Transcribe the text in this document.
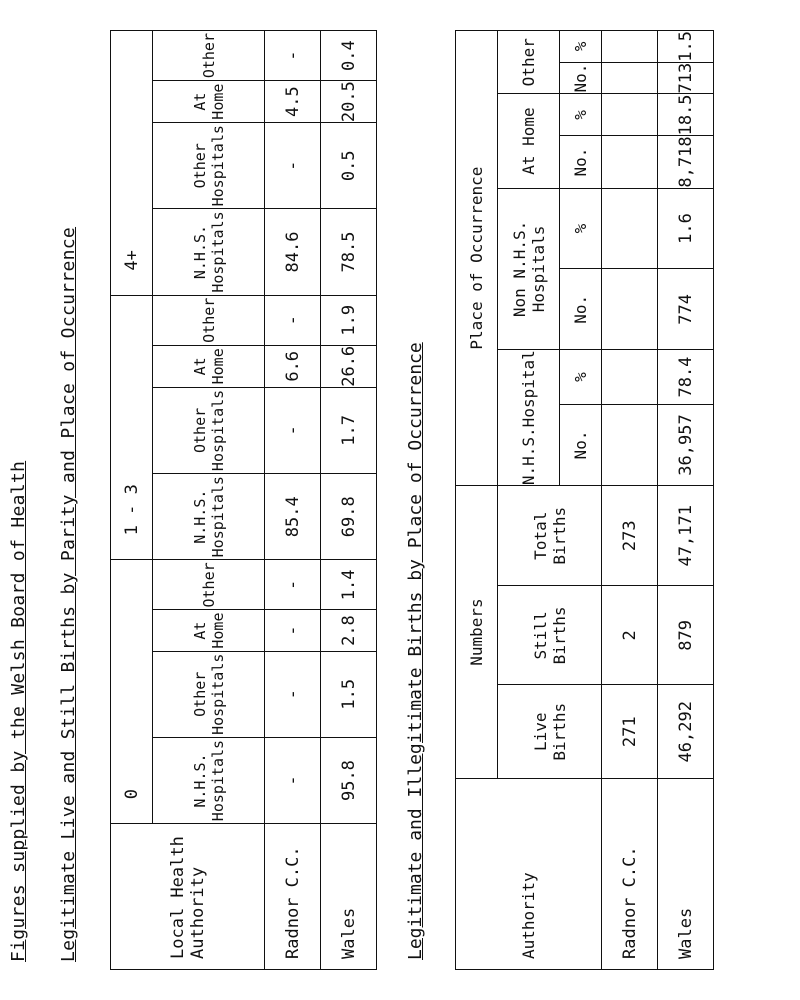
Figures supplied by the Welsh Board of Health Legitimate Live and Still Births by Parity and Place of Occurrence	Local Health Authority	0				1 - 3				4+			
	N.H.S. Hospitals	Other Hospitals	At Home	Other	N.H.S. Hospitals	Other Hospitals	At Home	Other	N.H.S. Hospitals	Other Hospitals	At Home	Other
Radnor C.C.	-	-	-	-	85.4	-	6.6	-	84.6	-	4.5	-
Wales	95.8	1.5	2.8	1.4	69.8	1.7	26.6	1.9	78.5	0.5	20.5	0.4
Legitimate and Illegitimate Births by Place of Occurrence	Authority	Numbers			Place of Occurrence							
	Live Births	Still Births	Total Births	N.H.S.Hospital		Non N.H.S. Hospitals		At Home		Other	
				No.	%	No.	%	No.	%	No.	%
Radnor C.C.	271	2	273								
Wales	46,292	879	47,171	36,957	78.4	774	1.6	8,718	18.5	713	1.5
